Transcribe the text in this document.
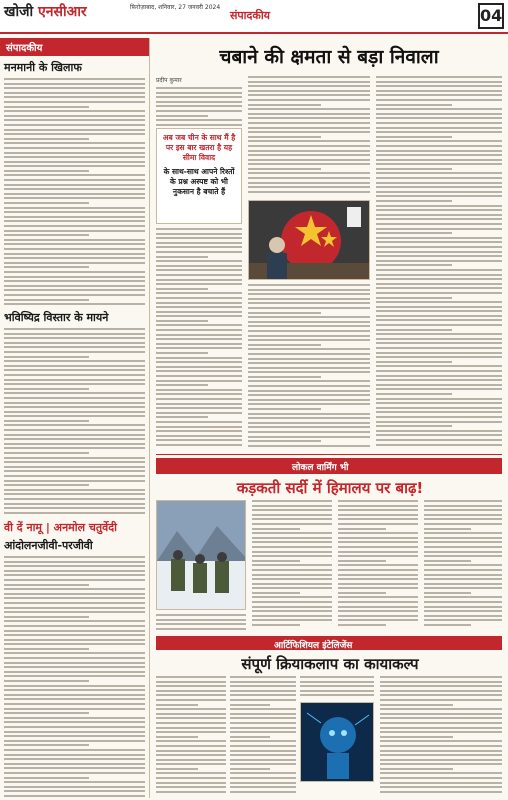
खोजी एनसीआर	फ़िरोज़ाबाद, शनिवार, 27 जनवरी 2024
संपादकीय	04
संपादकीय
मनमानी के खिलाफ
भविष्यिद्र विस्तार के मायने
वी दें नामू | अनमोल चतुर्वेदी
आंदोलनजीवी-परजीवी
चबाने की क्षमता से बड़ा निवाला
प्रदीप कुमार
अब जब चीन के साथ मैं है पर इस बार खतरा है यह सीमा विवाद
के साथ-साथ आपने रिश्तों के प्रश्न अस्पष्ट को भी नुकसान है बचाते हैं
लोकल वार्मिंग भी
कड़कती सर्दी में हिमालय पर बाढ़!
आर्टिफिशियल इंटेलिजेंस
संपूर्ण क्रियाकलाप का कायाकल्प
